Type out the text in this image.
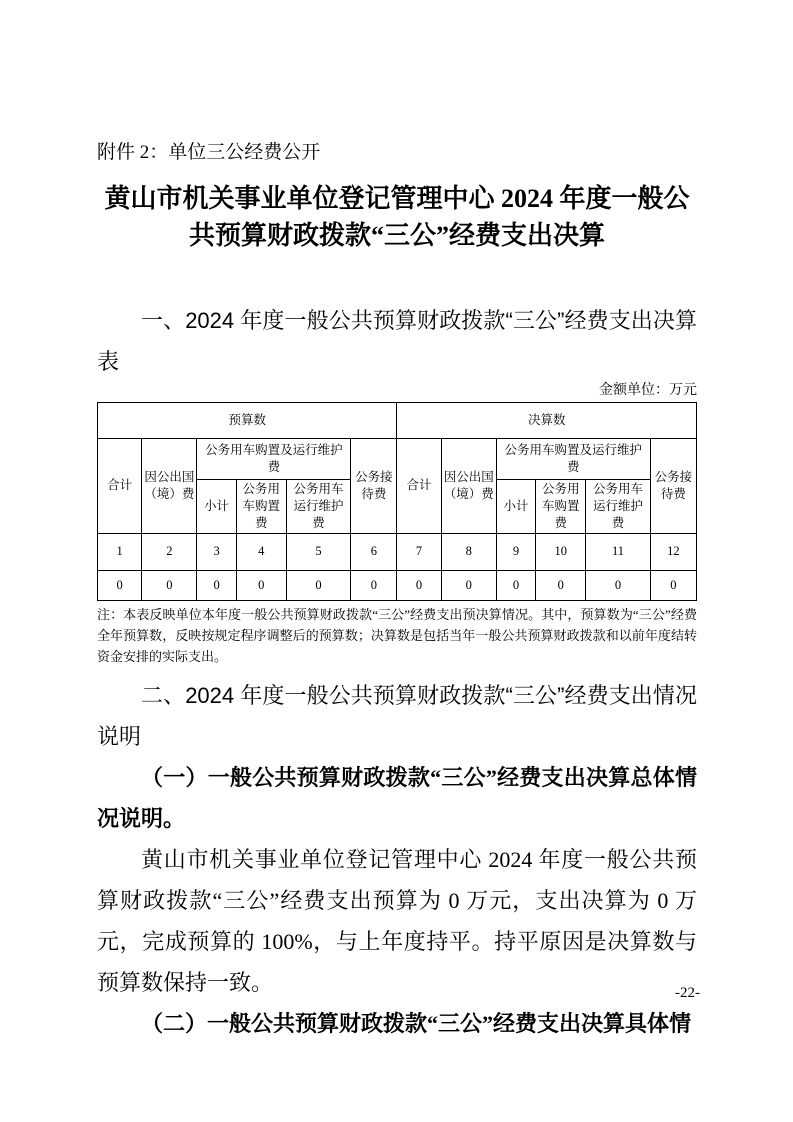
附件 2：单位三公经费公开
黄山市机关事业单位登记管理中心 2024 年度一般公共预算财政拨款“三公”经费支出决算
一、2024 年度一般公共预算财政拨款“三公”经费支出决算表
金额单位：万元
预算数						决算数					
合计	因公出国（境）费	公务用车购置及运行维护费			公务接待费	合计	因公出国（境）费	公务用车购置及运行维护费			公务接待费
		小计	公务用车购置费	公务用车运行维护费				小计	公务用车购置费	公务用车运行维护费	
1	2	3	4	5	6	7	8	9	10	11	12
0	0	0	0	0	0	0	0	0	0	0	0
注：本表反映单位本年度一般公共预算财政拨款“三公”经费支出预决算情况。其中，预算数为“三公”经费全年预算数，反映按规定程序调整后的预算数；决算数是包括当年一般公共预算财政拨款和以前年度结转资金安排的实际支出。
二、2024 年度一般公共预算财政拨款“三公”经费支出情况说明
（一）一般公共预算财政拨款“三公”经费支出决算总体情况说明。
黄山市机关事业单位登记管理中心 2024 年度一般公共预算财政拨款“三公”经费支出预算为 0 万元，支出决算为 0 万元，完成预算的 100%，与上年度持平。持平原因是决算数与预算数保持一致。
（二）一般公共预算财政拨款“三公”经费支出决算具体情
-22-
